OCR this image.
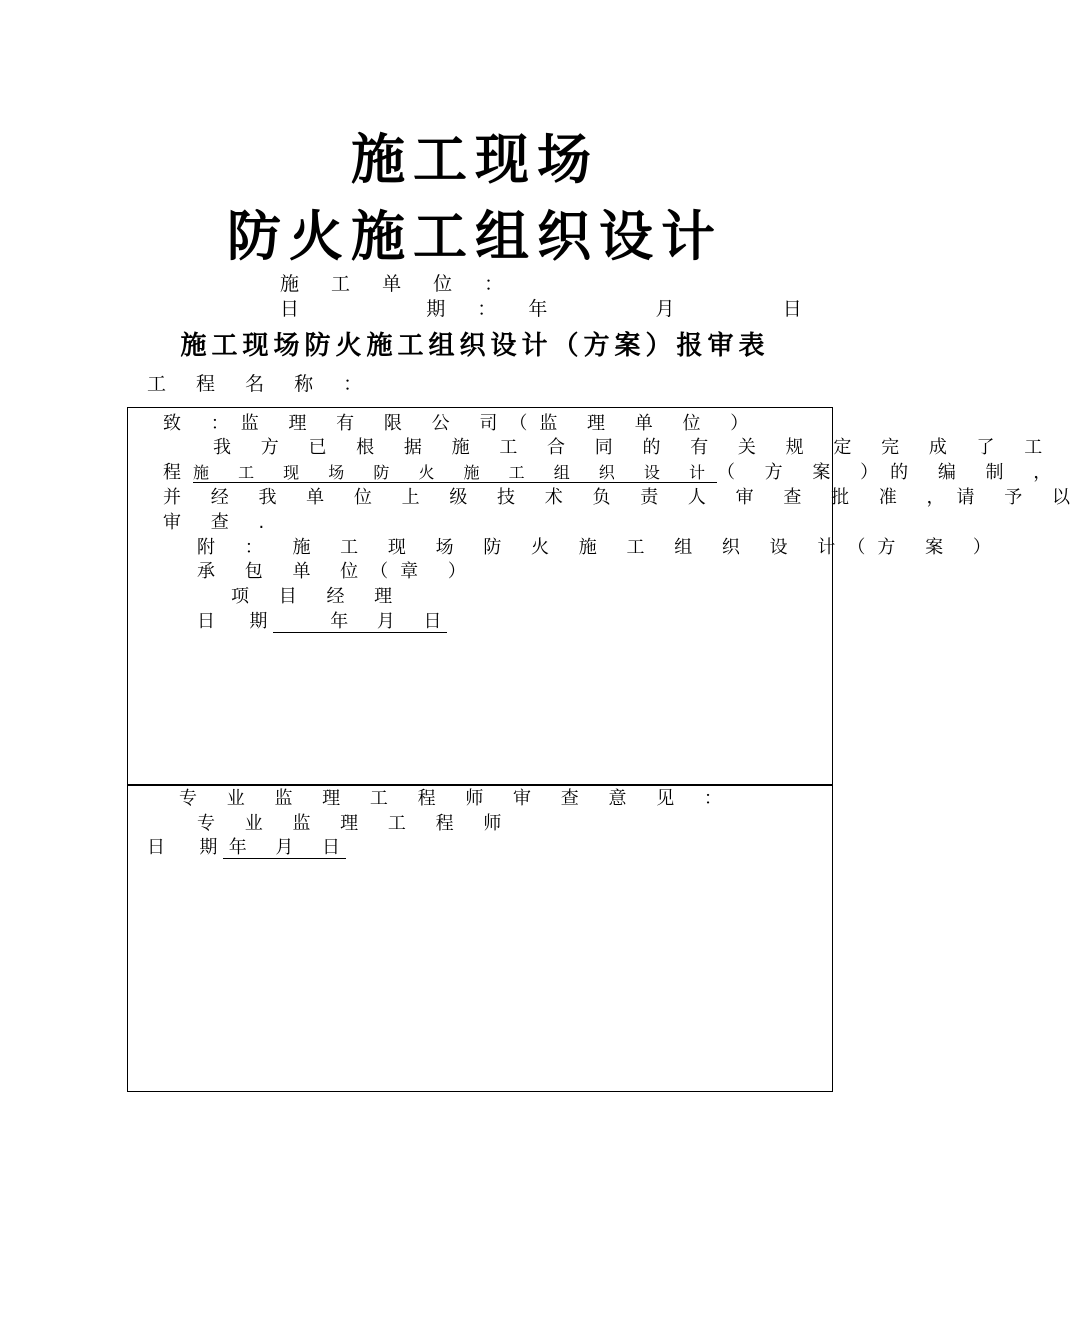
施工现场
防火施工组织设计
施 工 单 位 ：
日      期 ： 年     月     日
施工现场防火施工组织设计（方案）报审表
工 程 名 称 ：
致 ：监 理 有 限 公 司（监 理 单 位 ）
我 方 已 根 据 施 工 合 同 的 有 关 规 定 完 成 了 工
程施 工 现 场 防 火 施 工 组 织 设 计（ 方 案 ）的 编 制 ，
并 经 我 单 位 上 级 技 术 负 责 人 审 查 批 准 ，请 予 以
审 查 .
附 ： 施 工 现 场 防 火 施 工 组 织 设 计（方 案 ）
承 包 单 位（章 ）
项 目 经 理
日      期           年     月     日
专 业 监 理 工 程 师 审 查 意 见 ：
专 业 监 理 工 程 师
日      期  年     月     日
